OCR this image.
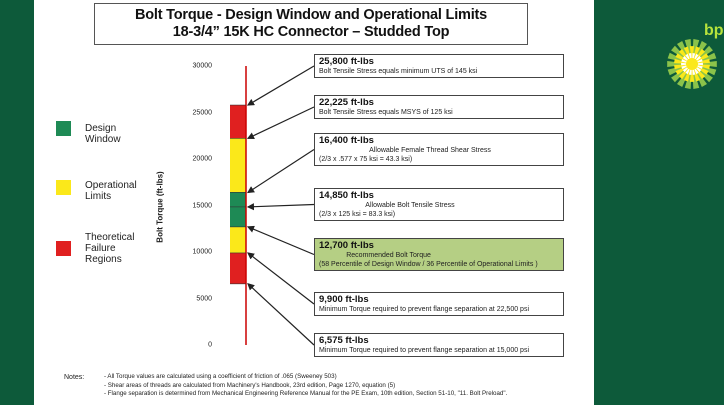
Bolt Torque - Design Window and Operational Limits
18-3/4” 15K HC Connector – Studded Top
Design Window
Operational Limits
Theoretical Failure Regions
Bolt Torque (ft-lbs)
0
5000
10000
15000
20000
25000
30000	25,800 ft-lbs
Bolt Tensile Stress equals minimum UTS of 145 ksi
22,225 ft-lbs
Bolt Tensile Stress equals MSYS of 125 ksi
16,400 ft-lbs
Allowable Female Thread Shear Stress
(2/3 x .577 x 75 ksi = 43.3 ksi)
14,850 ft-lbs
Allowable Bolt Tensile Stress
(2/3 x 125 ksi = 83.3 ksi)
12,700 ft-lbs
Recommended Bolt Torque
(58 Percentile of Design Window / 36 Percentile of Operational Limits )
9,900 ft-lbs
Minimum Torque required to prevent flange separation at 22,500 psi
6,575 ft-lbs
Minimum Torque required to prevent flange separation at 15,000 psi
Notes:	- All Torque values are calculated using a coefficient of friction of .065 (Sweeney 503)
- Shear areas of threads are calculated from Machinery's Handbook, 23rd edition, Page 1270, equation (5)
- Flange separation is determined from Mechanical Engineering Reference Manual for the PE Exam, 10th edition, Section 51-10, "11. Bolt Preload".
bp
